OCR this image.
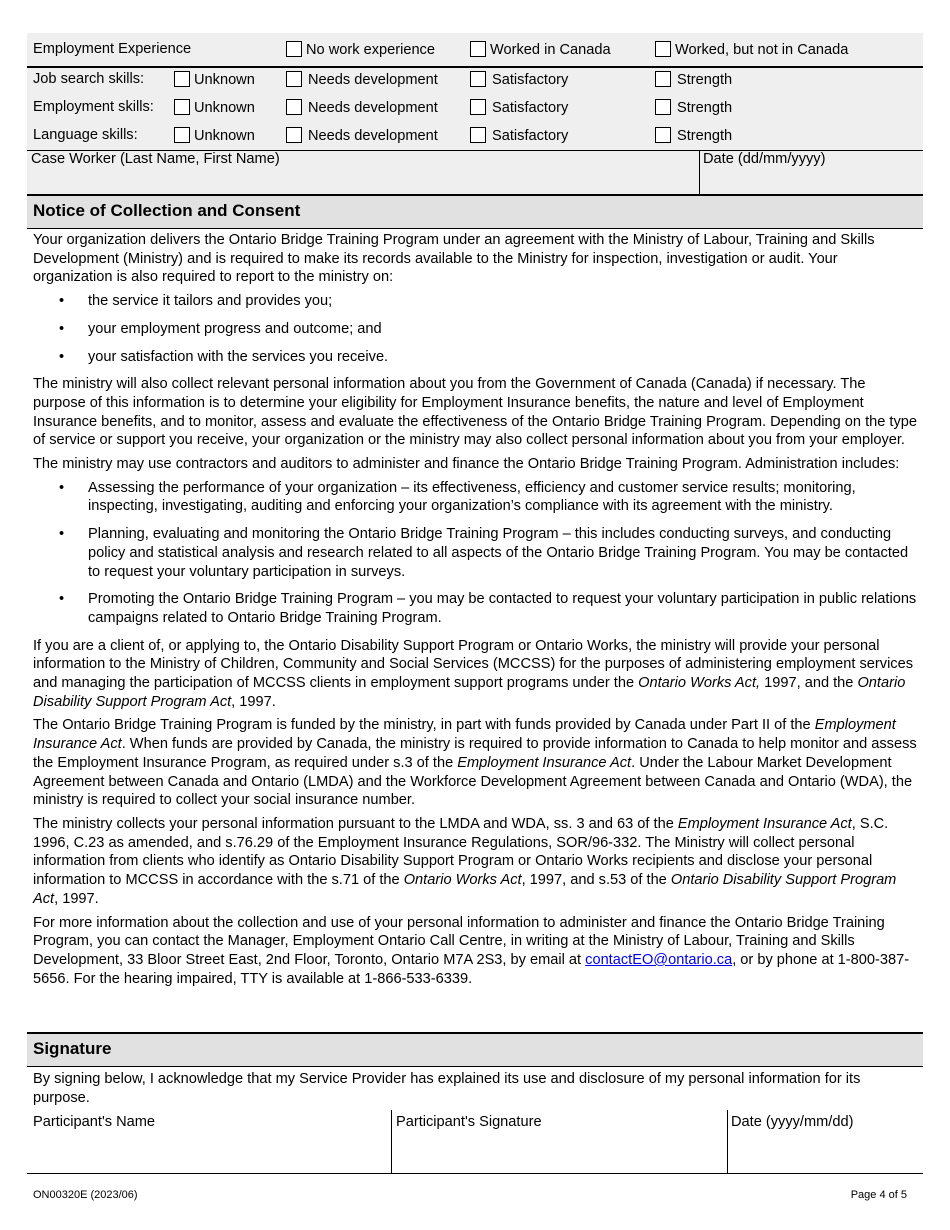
Employment Experience	No work experience	Worked in Canada	Worked, but not in Canada
Job search skills:	Unknown	Needs development	Satisfactory	Strength
Employment skills:	Unknown	Needs development	Satisfactory	Strength
Language skills:	Unknown	Needs development	Satisfactory	Strength
Case Worker (Last Name, First Name)	Date (dd/mm/yyyy)
Notice of Collection and Consent

Your organization delivers the Ontario Bridge Training Program under an agreement with the Ministry of Labour, Training and Skills Development (Ministry) and is required to make its records available to the Ministry for inspection, investigation or audit. Your organization is also required to report to the ministry on:

• the service it tailors and provides you;
• your employment progress and outcome; and
• your satisfaction with the services you receive.

The ministry will also collect relevant personal information about you from the Government of Canada (Canada) if necessary. The purpose of this information is to determine your eligibility for Employment Insurance benefits, the nature and level of Employment Insurance benefits, and to monitor, assess and evaluate the effectiveness of the Ontario Bridge Training Program. Depending on the type of service or support you receive, your organization or the ministry may also collect personal information about you from your employer.

The ministry may use contractors and auditors to administer and finance the Ontario Bridge Training Program. Administration includes:

• Assessing the performance of your organization – its effectiveness, efficiency and customer service results; monitoring, inspecting, investigating, auditing and enforcing your organization’s compliance with its agreement with the ministry.
• Planning, evaluating and monitoring the Ontario Bridge Training Program – this includes conducting surveys, and conducting policy and statistical analysis and research related to all aspects of the Ontario Bridge Training Program. You may be contacted to request your voluntary participation in surveys.
• Promoting the Ontario Bridge Training Program – you may be contacted to request your voluntary participation in public relations campaigns related to Ontario Bridge Training Program.

If you are a client of, or applying to, the Ontario Disability Support Program or Ontario Works, the ministry will provide your personal information to the Ministry of Children, Community and Social Services (MCCSS) for the purposes of administering employment services and managing the participation of MCCSS clients in employment support programs under the Ontario Works Act, 1997, and the Ontario Disability Support Program Act, 1997.

The Ontario Bridge Training Program is funded by the ministry, in part with funds provided by Canada under Part II of the Employment Insurance Act. When funds are provided by Canada, the ministry is required to provide information to Canada to help monitor and assess the Employment Insurance Program, as required under s.3 of the Employment Insurance Act. Under the Labour Market Development Agreement between Canada and Ontario (LMDA) and the Workforce Development Agreement between Canada and Ontario (WDA), the ministry is required to collect your social insurance number.

The ministry collects your personal information pursuant to the LMDA and WDA, ss. 3 and 63 of the Employment Insurance Act, S.C. 1996, C.23 as amended, and s.76.29 of the Employment Insurance Regulations, SOR/96-332. The Ministry will collect personal information from clients who identify as Ontario Disability Support Program or Ontario Works recipients and disclose your personal information to MCCSS in accordance with the s.71 of the Ontario Works Act, 1997, and s.53 of the Ontario Disability Support Program Act, 1997.

For more information about the collection and use of your personal information to administer and finance the Ontario Bridge Training Program, you can contact the Manager, Employment Ontario Call Centre, in writing at the Ministry of Labour, Training and Skills Development, 33 Bloor Street East, 2nd Floor, Toronto, Ontario M7A 2S3, by email at contactEO@ontario.ca, or by phone at 1-800-387-5656. For the hearing impaired, TTY is available at 1-866-533-6339.

Signature
By signing below, I acknowledge that my Service Provider has explained its use and disclosure of my personal information for its purpose.
Participant's Name	Participant's Signature	Date (yyyy/mm/dd)
ON00320E (2023/06)	Page 4 of 5
